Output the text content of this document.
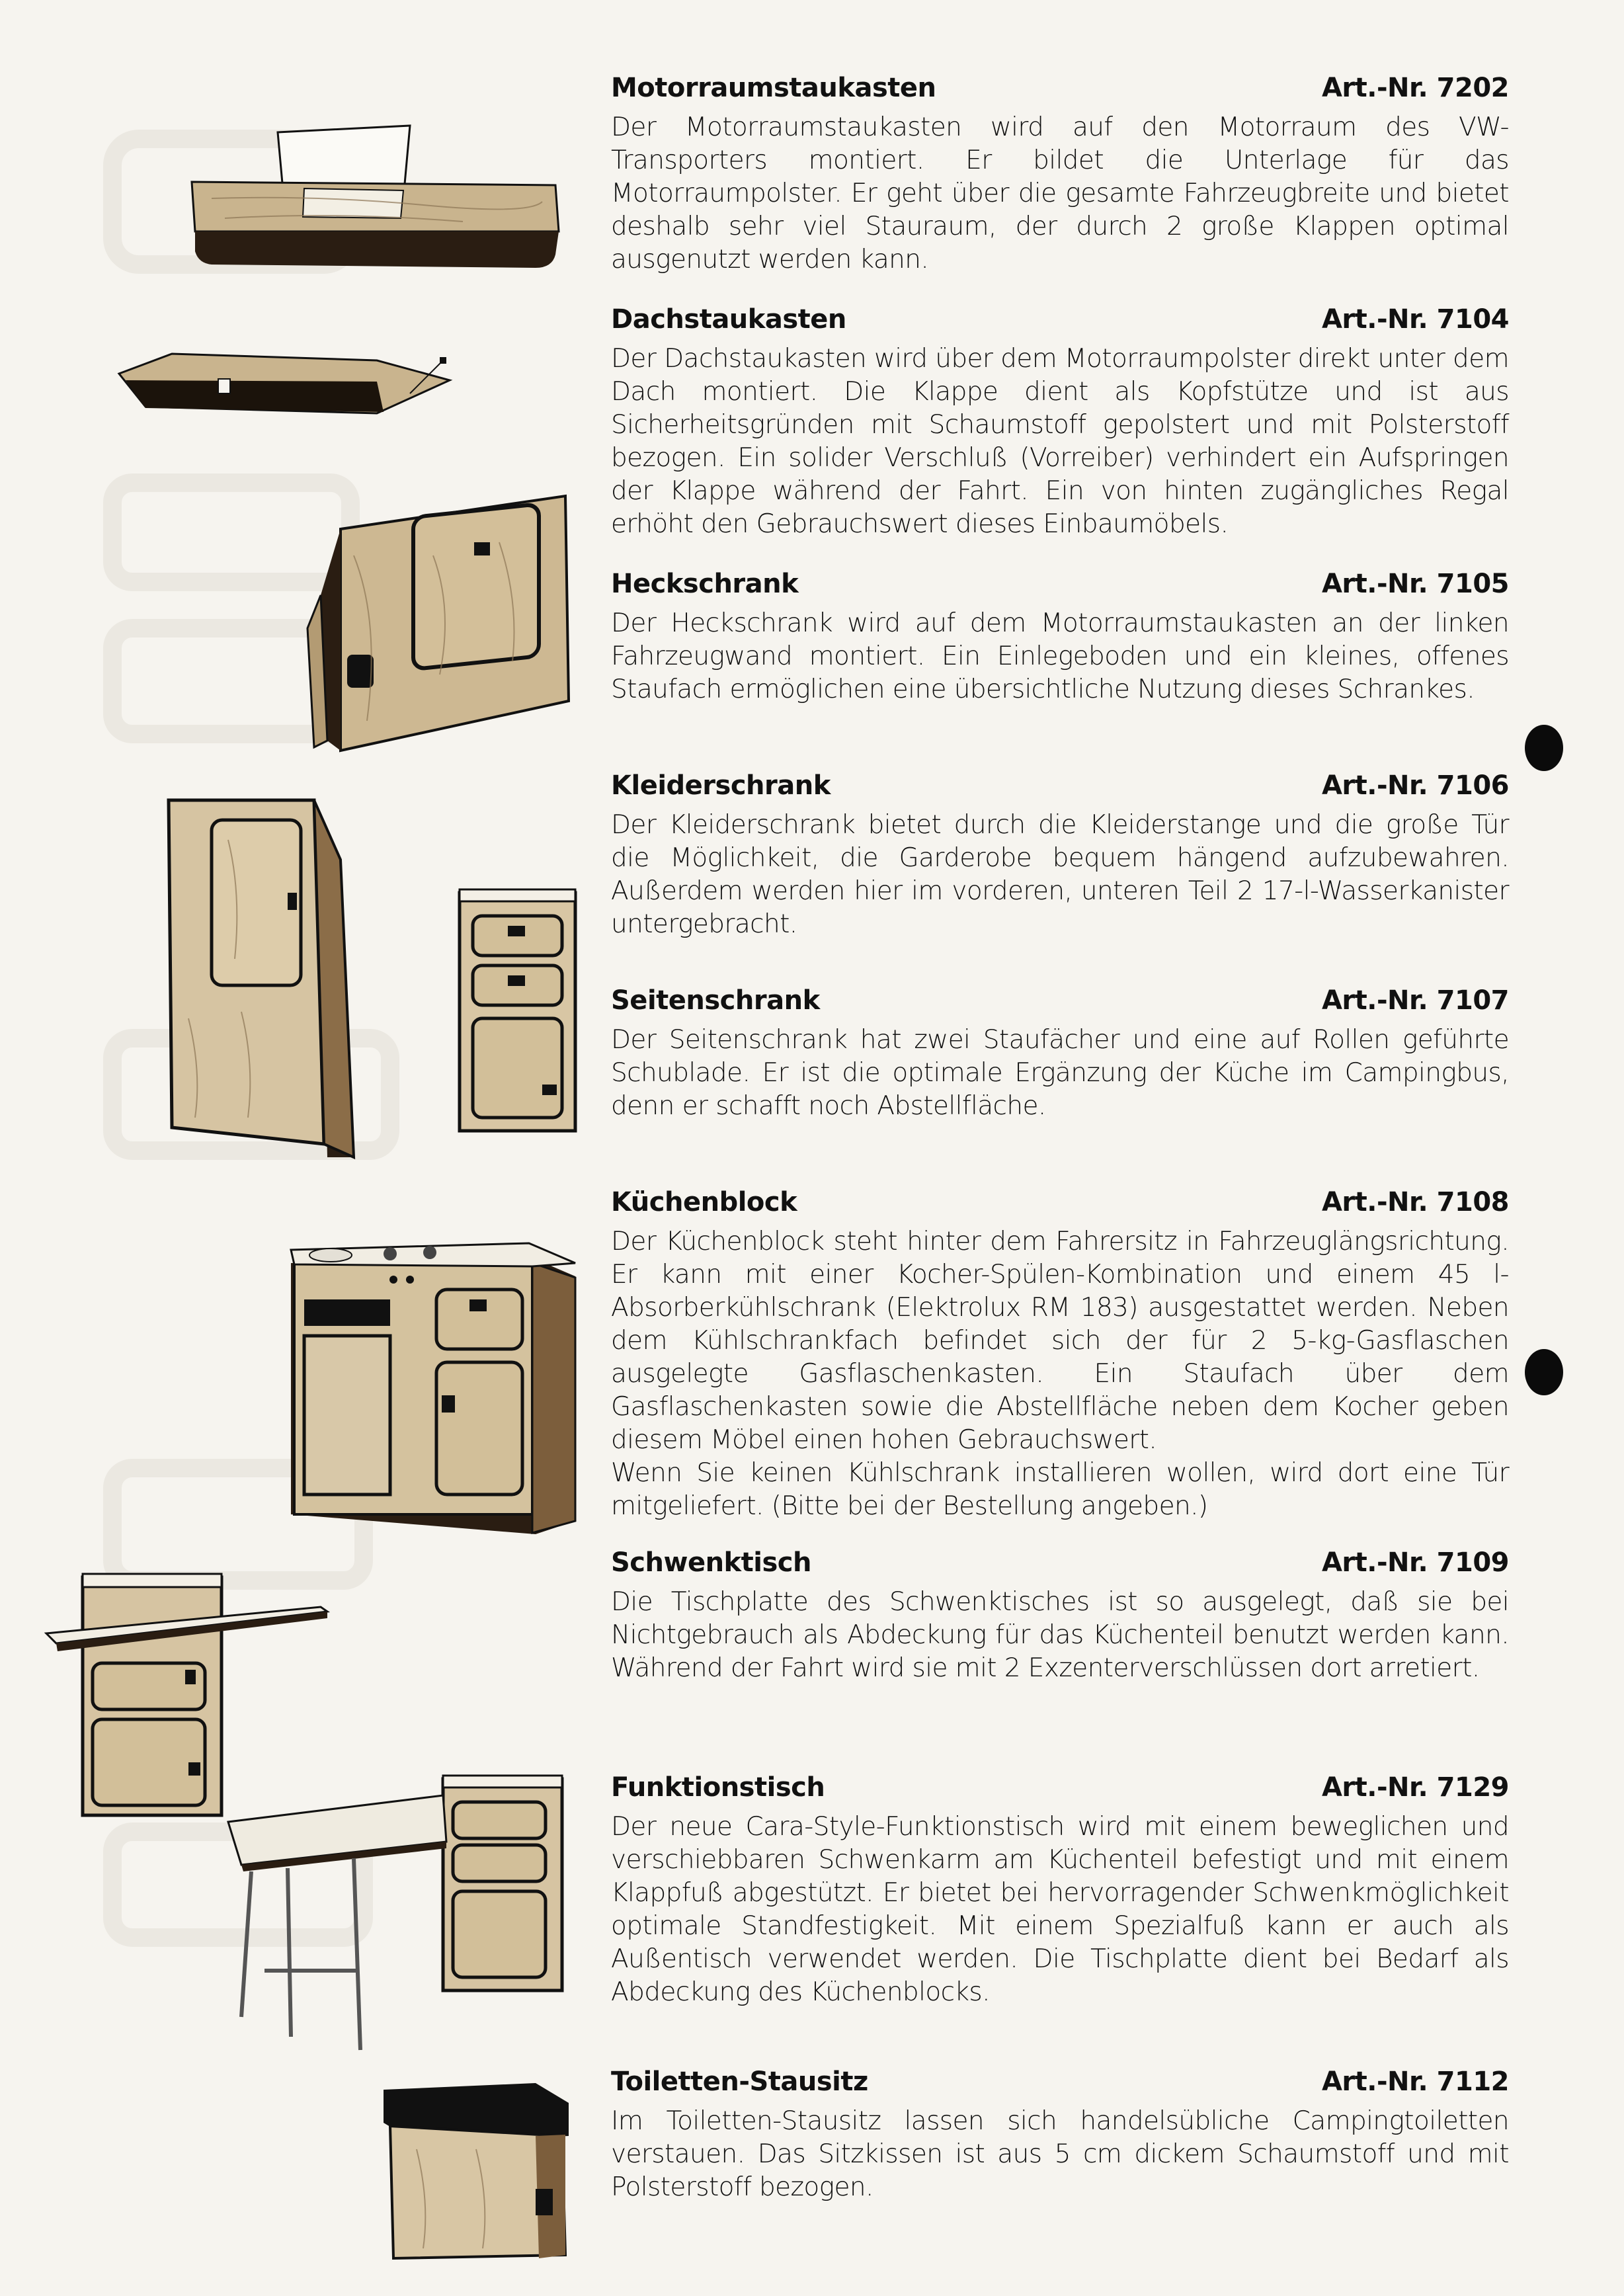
Motorraumstaukasten	Art.-Nr. 7202

Der Motorraumstaukasten wird auf den Motorraum des VW-Transporters montiert. Er bildet die Unterlage für das Motorraumpolster. Er geht über die gesamte Fahrzeugbreite und bietet deshalb sehr viel Stauraum, der durch 2 große Klappen optimal ausgenutzt werden kann.

Dachstaukasten	Art.-Nr. 7104

Der Dachstaukasten wird über dem Motorraumpolster direkt unter dem Dach montiert. Die Klappe dient als Kopfstütze und ist aus Sicherheitsgründen mit Schaumstoff gepolstert und mit Polsterstoff bezogen. Ein solider Verschluß (Vorreiber) verhindert ein Aufspringen der Klappe während der Fahrt. Ein von hinten zugängliches Regal erhöht den Gebrauchswert dieses Einbaumöbels.

Heckschrank	Art.-Nr. 7105

Der Heckschrank wird auf dem Motorraumstaukasten an der linken Fahrzeugwand montiert. Ein Einlegeboden und ein kleines, offenes Staufach ermöglichen eine übersichtliche Nutzung dieses Schrankes.

Kleiderschrank	Art.-Nr. 7106

Der Kleiderschrank bietet durch die Kleiderstange und die große Tür die Möglichkeit, die Garderobe bequem hängend aufzubewahren. Außerdem werden hier im vorderen, unteren Teil 2 17-l-Wasserkanister untergebracht.

Seitenschrank	Art.-Nr. 7107

Der Seitenschrank hat zwei Staufächer und eine auf Rollen geführte Schublade. Er ist die optimale Ergänzung der Küche im Campingbus, denn er schafft noch Abstellfläche.

Küchenblock	Art.-Nr. 7108

Der Küchenblock steht hinter dem Fahrersitz in Fahrzeuglängsrichtung. Er kann mit einer Kocher-Spülen-Kombination und einem 45 l-Absorberkühlschrank (Elektrolux RM 183) ausgestattet werden. Neben dem Kühlschrankfach befindet sich der für 2 5-kg-Gasflaschen ausgelegte Gasflaschenkasten. Ein Staufach über dem Gasflaschenkasten sowie die Abstellfläche neben dem Kocher geben diesem Möbel einen hohen Gebrauchswert.

Wenn Sie keinen Kühlschrank installieren wollen, wird dort eine Tür mitgeliefert. (Bitte bei der Bestellung angeben.)

Schwenktisch	Art.-Nr. 7109

Die Tischplatte des Schwenktisches ist so ausgelegt, daß sie bei Nichtgebrauch als Abdeckung für das Küchenteil benutzt werden kann. Während der Fahrt wird sie mit 2 Exzenterverschlüssen dort arretiert.

Funktionstisch	Art.-Nr. 7129

Der neue Cara-Style-Funktionstisch wird mit einem beweglichen und verschiebbaren Schwenkarm am Küchenteil befestigt und mit einem Klappfuß abgestützt. Er bietet bei hervorragender Schwenkmöglichkeit optimale Standfestigkeit. Mit einem Spezialfuß kann er auch als Außentisch verwendet werden. Die Tischplatte dient bei Bedarf als Abdeckung des Küchenblocks.

Toiletten-Stausitz	Art.-Nr. 7112

Im Toiletten-Stausitz lassen sich handelsübliche Campingtoiletten verstauen. Das Sitzkissen ist aus 5 cm dickem Schaumstoff und mit Polsterstoff bezogen.
